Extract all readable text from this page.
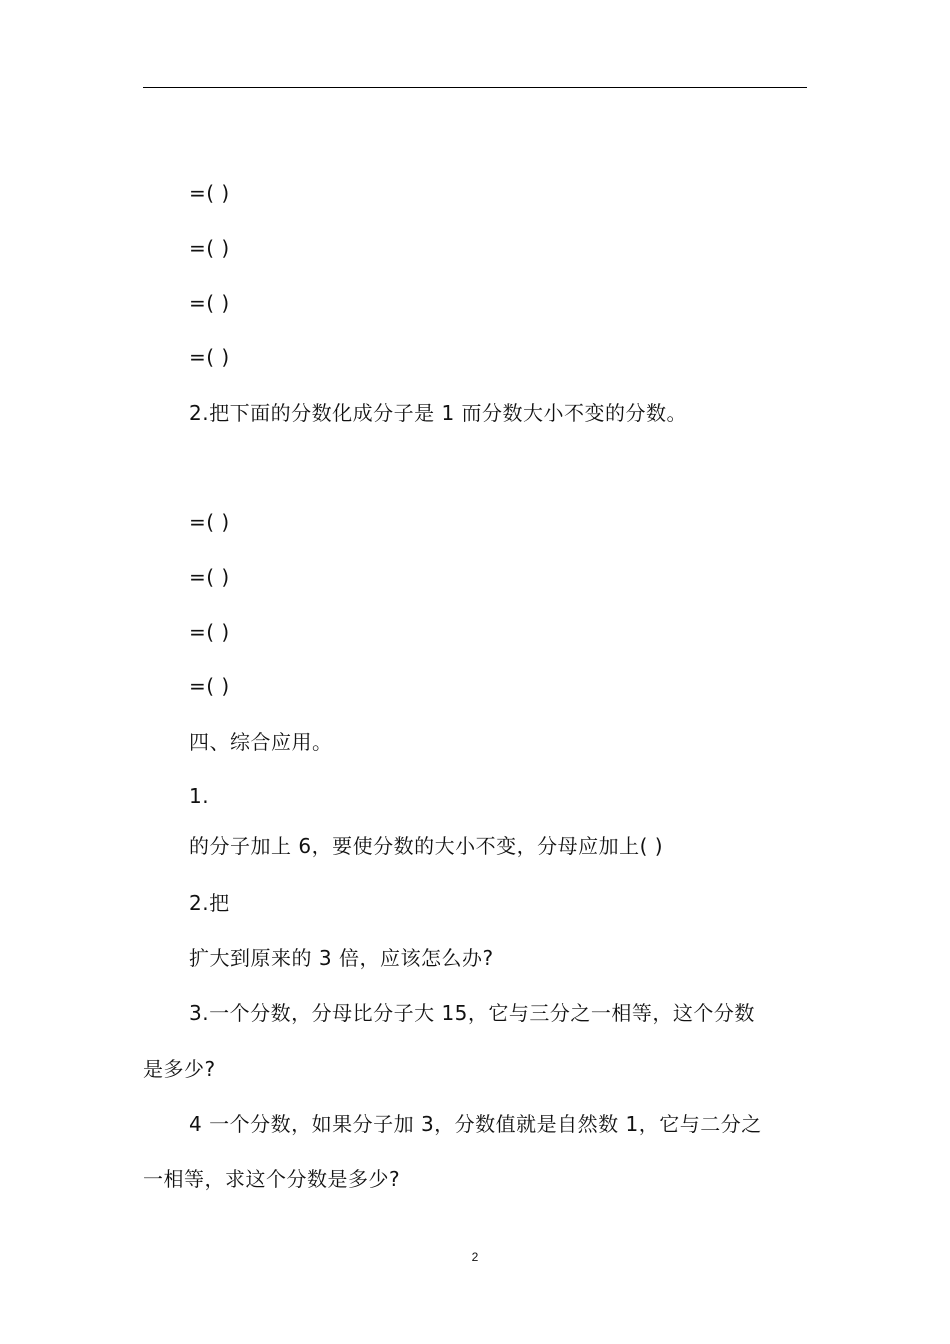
=( )
=( )
=( )
=( )
2.把下面的分数化成分子是 1 而分数大小不变的分数。
=( )
=( )
=( )
=( )
四、综合应用。
1.
的分子加上 6，要使分数的大小不变，分母应加上( )
2.把
扩大到原来的 3 倍，应该怎么办?
3.一个分数，分母比分子大 15，它与三分之一相等，这个分数
是多少?
4 一个分数，如果分子加 3，分数值就是自然数 1，它与二分之
一相等，求这个分数是多少?
2
